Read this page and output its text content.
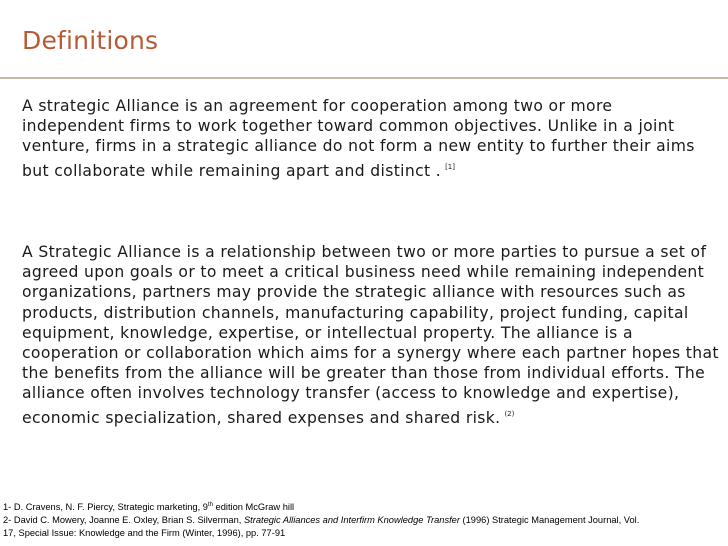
Definitions
A strategic Alliance is an agreement for cooperation among two or more independent firms to work together toward common objectives. Unlike in a joint venture, firms in a strategic alliance do not form a new entity to further their aims but collaborate while remaining apart and distinct . [1]
A Strategic Alliance is a relationship between two or more parties to pursue a set of agreed upon goals or to meet a critical business need while remaining independent organizations, partners may provide the strategic alliance with resources such as products, distribution channels, manufacturing capability, project funding, capital equipment, knowledge, expertise, or intellectual property. The alliance is a cooperation or collaboration which aims for a synergy where each partner hopes that the benefits from the alliance will be greater than those from individual efforts. The alliance often involves technology transfer (access to knowledge and expertise), economic specialization, shared expenses and shared risk. $^{(2)}$
1- D. Cravens, N. F. Piercy, Strategic marketing, 9th edition McGraw hill
2- David C. Mowery, Joanne E. Oxley, Brian S. Silverman, Strategic Alliances and Interfirm Knowledge Transfer (1996) Strategic Management Journal, Vol.
17, Special Issue: Knowledge and the Firm (Winter, 1996), pp. 77-91
